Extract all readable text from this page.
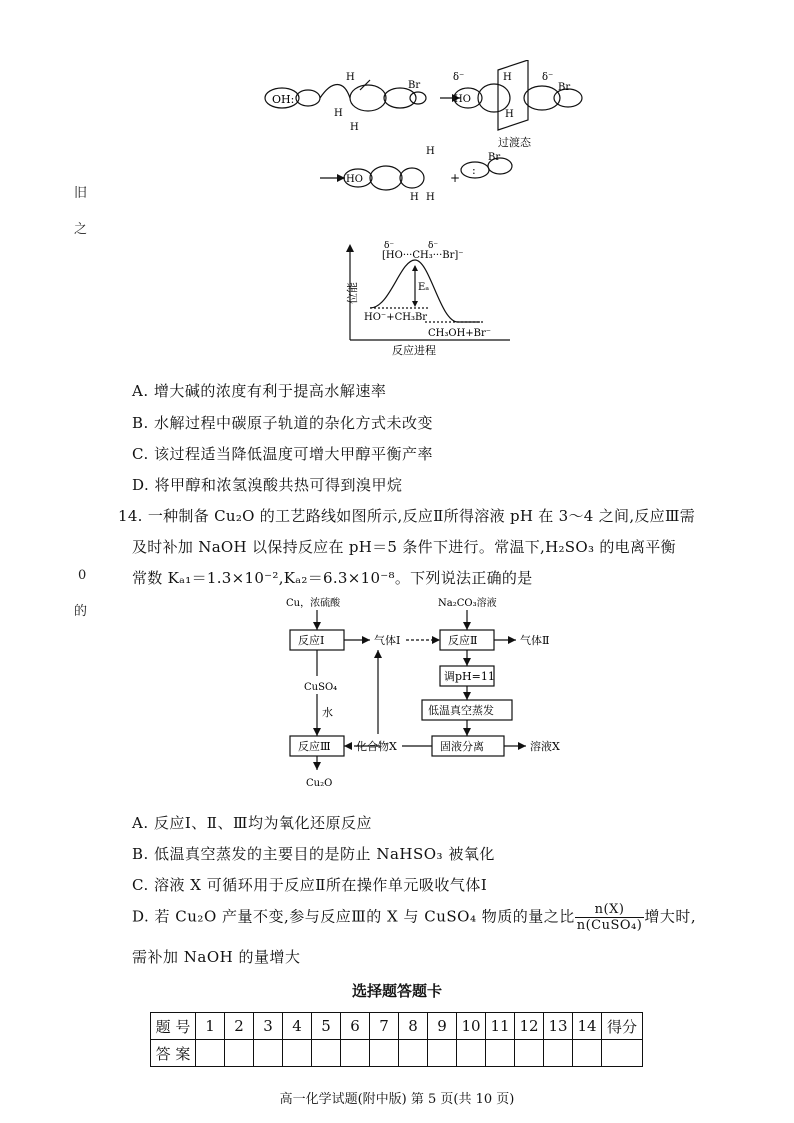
旧
之
0
的
OH:
H
H
H
Br
δ⁻
HO
H
H
δ⁻
Br
过渡态
HO
H
H H
+
:
Br
位能
反应进程
δ⁻	δ⁻
[HO···CH₃···Br]⁻
Eₐ
HO⁻+CH₃Br
CH₃OH+Br⁻
A. 增大碱的浓度有利于提高水解速率
B. 水解过程中碳原子轨道的杂化方式未改变
C. 该过程适当降低温度可增大甲醇平衡产率
D. 将甲醇和浓氢溴酸共热可得到溴甲烷
14. 一种制备 Cu₂O 的工艺路线如图所示,反应Ⅱ所得溶液 pH 在 3～4 之间,反应Ⅲ需
及时补加 NaOH 以保持反应在 pH＝5 条件下进行。常温下,H₂SO₃ 的电离平衡
常数 Kₐ₁＝1.3×10⁻²,Kₐ₂＝6.3×10⁻⁸。下列说法正确的是
Cu，浓硫酸	Na₂CO₃溶液
反应Ⅰ	气体Ⅰ	反应Ⅱ	气体Ⅱ
调pH=11
低温真空蒸发
固液分离	溶液X
CuSO₄
水
反应Ⅲ 化合物X
Cu₂O
A. 反应Ⅰ、Ⅱ、Ⅲ均为氧化还原反应
B. 低温真空蒸发的主要目的是防止 NaHSO₃ 被氧化
C. 溶液 X 可循环用于反应Ⅱ所在操作单元吸收气体Ⅰ
D. 若 Cu₂O 产量不变,参与反应Ⅲ的 X 与 CuSO₄ 物质的量之比 $\frac{n(X)}{\text{n(CuSO₄)}}$ 增大时,
需补加 NaOH 的量增大
选择题答题卡
题 号	1	2	3	4	5	6	7	8	9	10	11	12	13	14	得分
答 案															
高一化学试题(附中版) 第 5 页(共 10 页)
